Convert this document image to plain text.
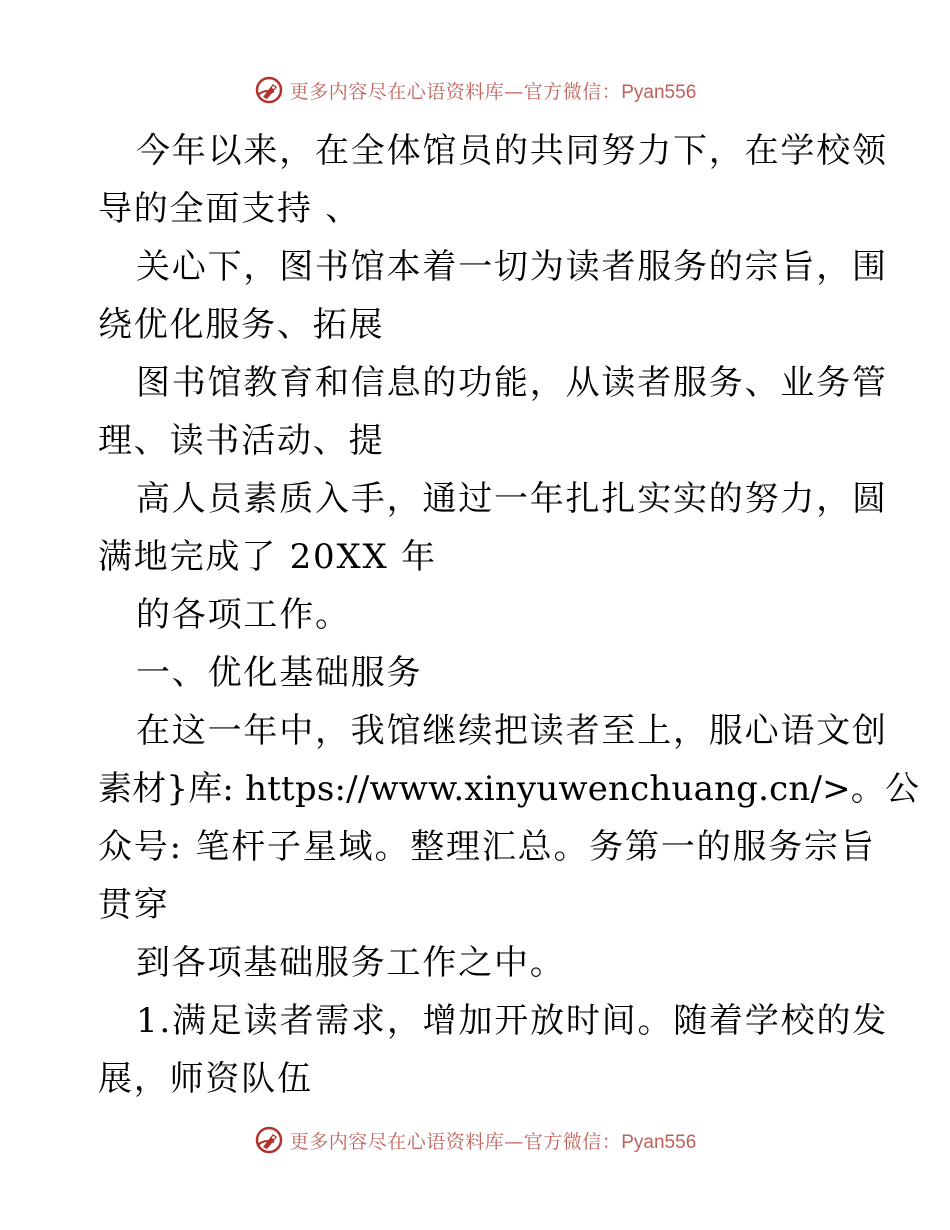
更多内容尽在心语资料库—官方微信：Pyan556
今年以来，在全体馆员的共同努力下，在学校领
导的全面支持 、
关心下，图书馆本着一切为读者服务的宗旨，围
绕优化服务、拓展
图书馆教育和信息的功能，从读者服务、业务管
理、读书活动、提
高人员素质入手，通过一年扎扎实实的努力，圆
满地完成了 20XX 年
的各项工作。
一、优化基础服务
在这一年中，我馆继续把读者至上，服心语文创
素材}库: https://www.xinyuwenchuang.cn/>。公
众号: 笔杆子星域。整理汇总。务第一的服务宗旨
贯穿
到各项基础服务工作之中。
1.满足读者需求，增加开放时间。随着学校的发
展，师资队伍
更多内容尽在心语资料库—官方微信：Pyan556
